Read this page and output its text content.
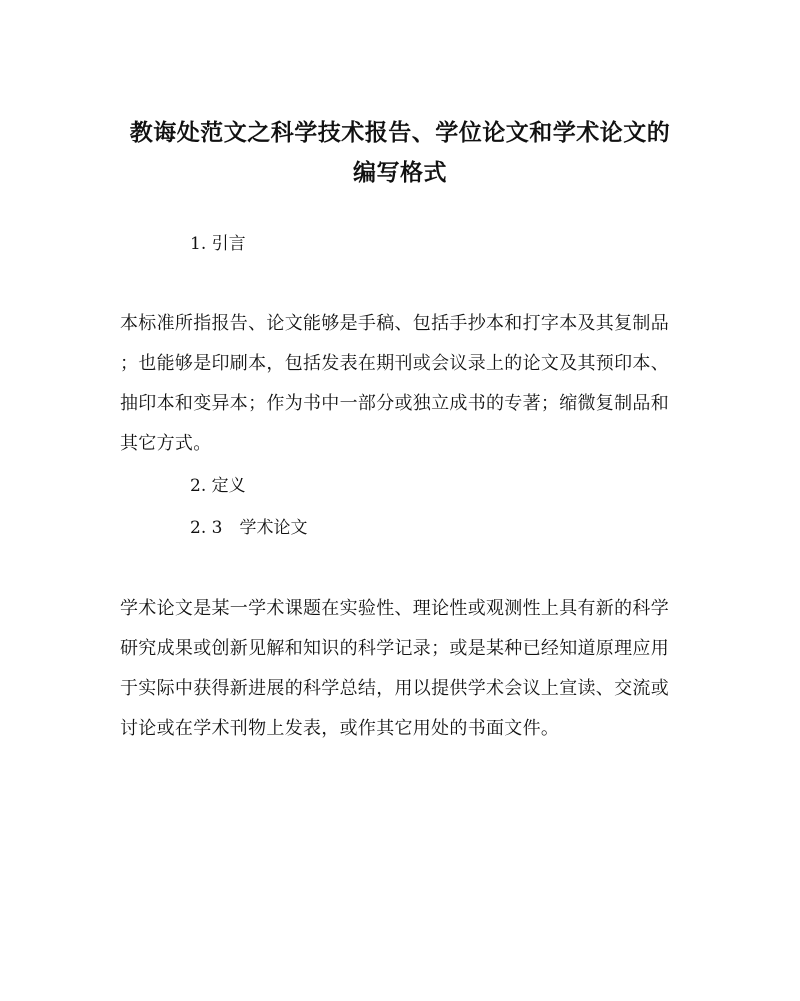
教诲处范文之科学技术报告、学位论文和学术论文的
编写格式
1. 引言
本标准所指报告、论文能够是手稿、包括手抄本和打字本及其复制品
；也能够是印刷本，包括发表在期刊或会议录上的论文及其预印本、
抽印本和变异本；作为书中一部分或独立成书的专著；缩微复制品和
其它方式。
2. 定义
2. 3　学术论文
学术论文是某一学术课题在实验性、理论性或观测性上具有新的科学
研究成果或创新见解和知识的科学记录；或是某种已经知道原理应用
于实际中获得新进展的科学总结，用以提供学术会议上宣读、交流或
讨论或在学术刊物上发表，或作其它用处的书面文件。
